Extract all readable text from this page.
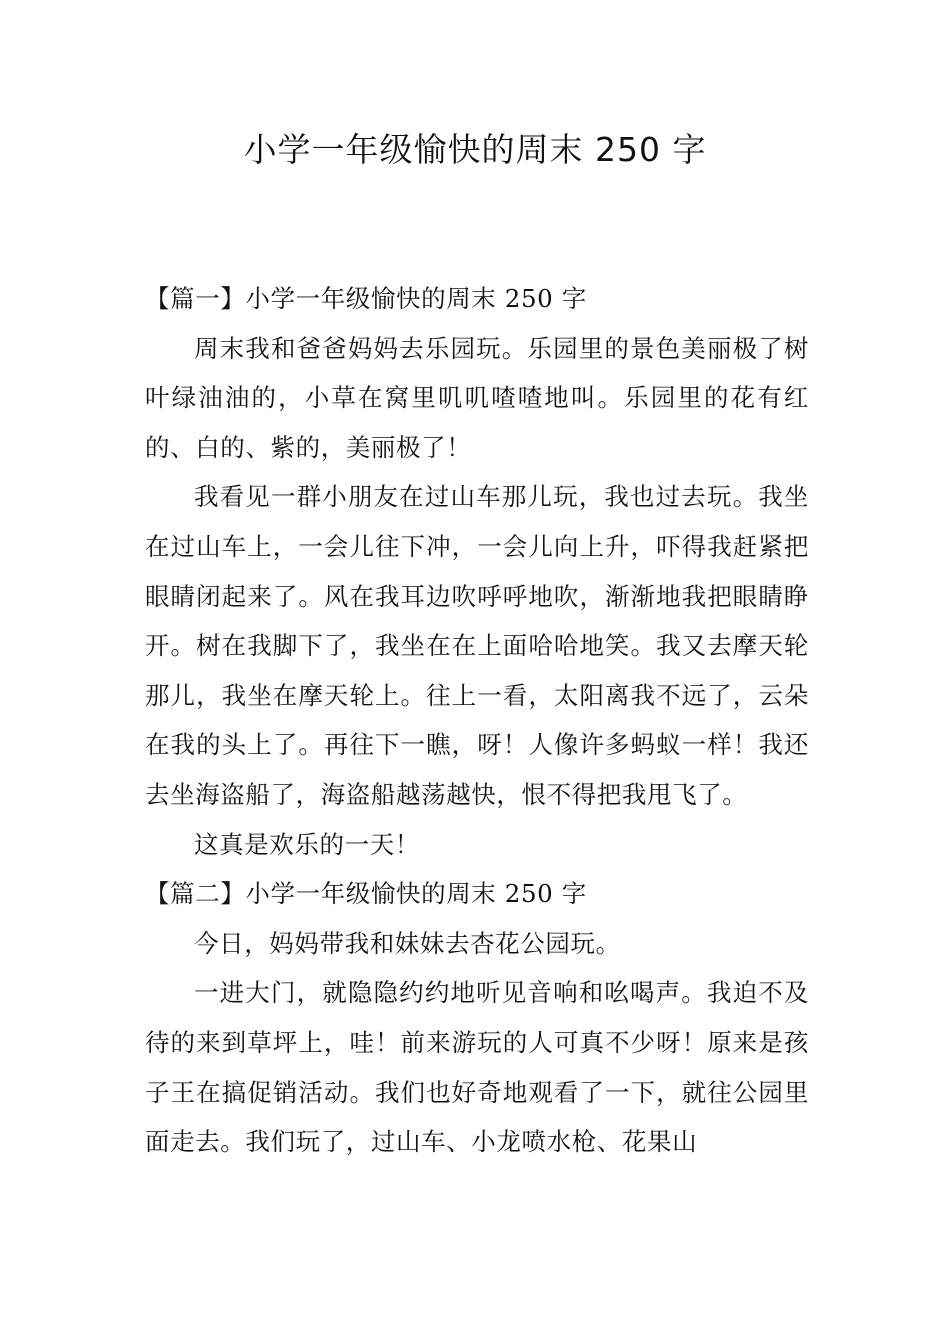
小学一年级愉快的周末 250 字

【篇一】小学一年级愉快的周末 250 字

周末我和爸爸妈妈去乐园玩。乐园里的景色美丽极了树叶绿油油的，小草在窝里叽叽喳喳地叫。乐园里的花有红的、白的、紫的，美丽极了！

我看见一群小朋友在过山车那儿玩，我也过去玩。我坐在过山车上，一会儿往下冲，一会儿向上升，吓得我赶紧把眼睛闭起来了。风在我耳边吹呼呼地吹，渐渐地我把眼睛睁开。树在我脚下了，我坐在在上面哈哈地笑。我又去摩天轮那儿，我坐在摩天轮上。往上一看，太阳离我不远了，云朵在我的头上了。再往下一瞧，呀！人像许多蚂蚁一样！我还去坐海盗船了，海盗船越荡越快，恨不得把我甩飞了。

这真是欢乐的一天！

【篇二】小学一年级愉快的周末 250 字

今日，妈妈带我和妹妹去杏花公园玩。

一进大门，就隐隐约约地听见音响和吆喝声。我迫不及待的来到草坪上，哇！前来游玩的人可真不少呀！原来是孩子王在搞促销活动。我们也好奇地观看了一下，就往公园里面走去。我们玩了，过山车、小龙喷水枪、花果山
